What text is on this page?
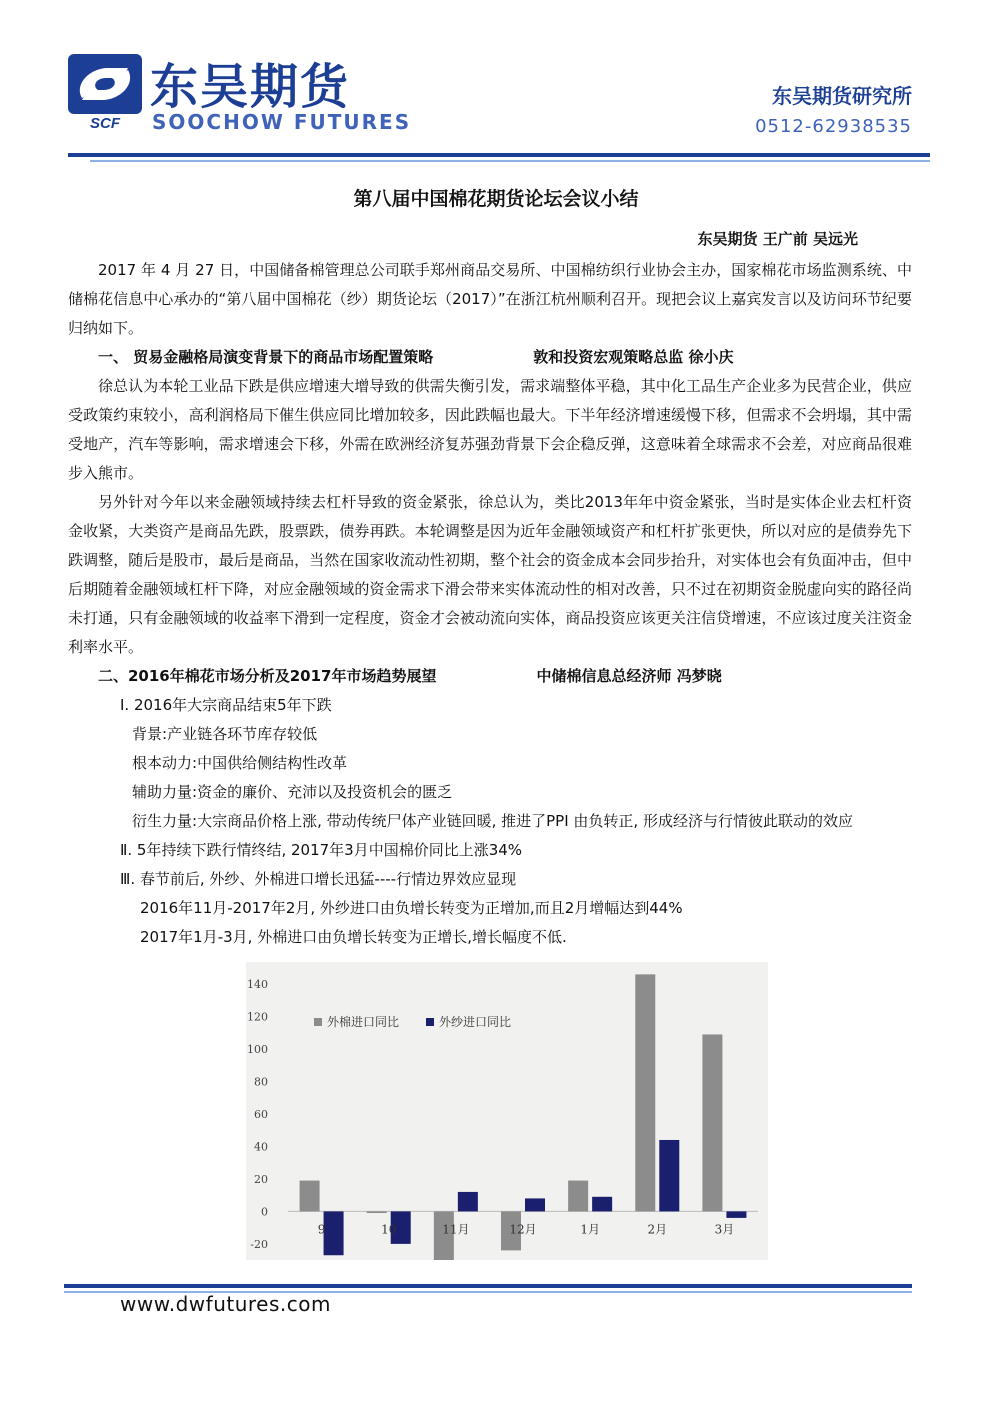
SCF
东吴期货
SOOCHOW FUTURES
东吴期货研究所
0512-62938535
第八届中国棉花期货论坛会议小结
东吴期货 王广前 吴远光

2017 年 4 月 27 日，中国储备棉管理总公司联手郑州商品交易所、中国棉纺织行业协会主办，国家棉花市场监测系统、中储棉花信息中心承办的“第八届中国棉花（纱）期货论坛（2017）”在浙江杭州顺利召开。现把会议上嘉宾发言以及访问环节纪要归纳如下。

一、 贸易金融格局演变背景下的商品市场配置策略	敦和投资宏观策略总监 徐小庆

徐总认为本轮工业品下跌是供应增速大增导致的供需失衡引发，需求端整体平稳，其中化工品生产企业多为民营企业，供应受政策约束较小，高利润格局下催生供应同比增加较多，因此跌幅也最大。下半年经济增速缓慢下移，但需求不会坍塌，其中需受地产，汽车等影响，需求增速会下移，外需在欧洲经济复苏强劲背景下会企稳反弹，这意味着全球需求不会差，对应商品很难步入熊市。

另外针对今年以来金融领域持续去杠杆导致的资金紧张，徐总认为，类比2013年年中资金紧张，当时是实体企业去杠杆资金收紧，大类资产是商品先跌，股票跌，债券再跌。本轮调整是因为近年金融领域资产和杠杆扩张更快，所以对应的是债券先下跌调整，随后是股市，最后是商品，当然在国家收流动性初期，整个社会的资金成本会同步抬升，对实体也会有负面冲击，但中后期随着金融领域杠杆下降，对应金融领域的资金需求下滑会带来实体流动性的相对改善，只不过在初期资金脱虚向实的路径尚未打通，只有金融领域的收益率下滑到一定程度，资金才会被动流向实体，商品投资应该更关注信贷增速，不应该过度关注资金利率水平。

二、2016年棉花市场分析及2017年市场趋势展望	中储棉信息总经济师 冯梦晓
Ⅰ. 2016年大宗商品结束5年下跌
背景: 产业链各环节库存较低
根本动力: 中国供给侧结构性改革
辅助力量: 资金的廉价、充沛以及投资机会的匮乏
衍生力量: 大宗商品价格上涨, 带动传统尸体产业链回暖, 推进了PPI 由负转正, 形成经济与行情彼此联动的效应
Ⅱ. 5年持续下跌行情终结, 2017年3月中国棉价同比上涨34%
Ⅲ. 春节前后, 外纱、外棉进口增长迅猛----行情边界效应显现
2016年11月-2017年2月, 外纱进口由负增长转变为正增加,而且2月增幅达到44%
2017年1月-3月, 外棉进口由负增长转变为正增长,增长幅度不低.
140
120
100
80
60
40
20
0
-20
9	10	11月	12月	1月	2月	3月
外棉进口同比	外纱进口同比
www.dwfutures.com
